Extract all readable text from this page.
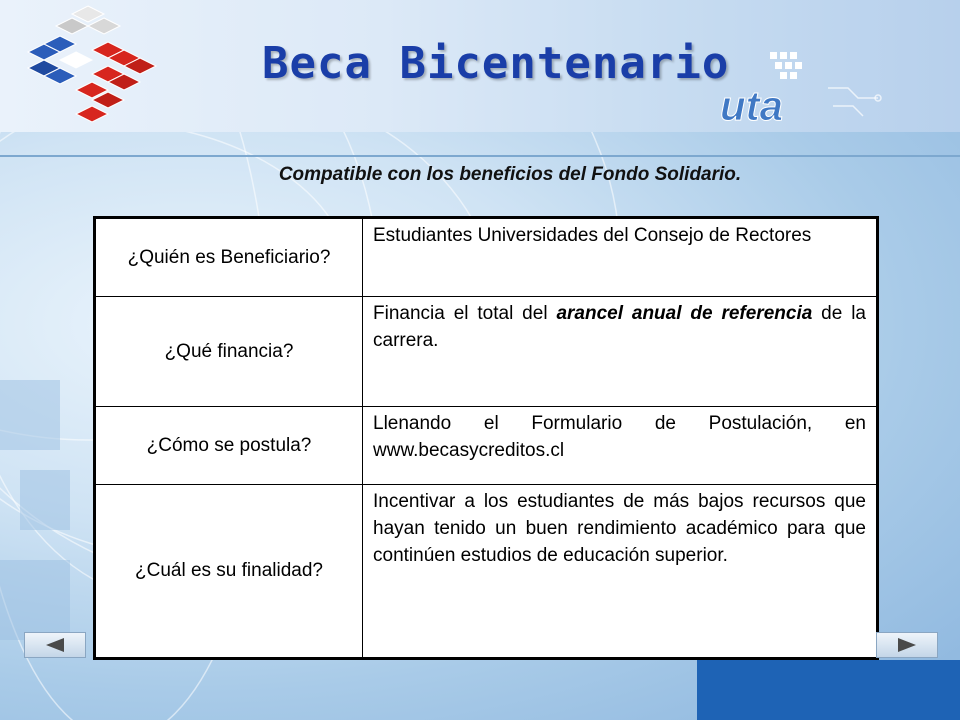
Beca Bicentenario
uta
Compatible con los beneficios del Fondo Solidario.
¿Quién es Beneficiario?	Estudiantes Universidades del Consejo de Rectores
¿Qué financia?	Financia el total del arancel anual de referencia de la carrera.
¿Cómo se postula?	Llenando el Formulario de Postulación, en www.becasycreditos.cl
¿Cuál es su finalidad?	Incentivar a los estudiantes de más bajos recursos que hayan tenido un buen rendimiento académico para que continúen estudios de educación superior.
